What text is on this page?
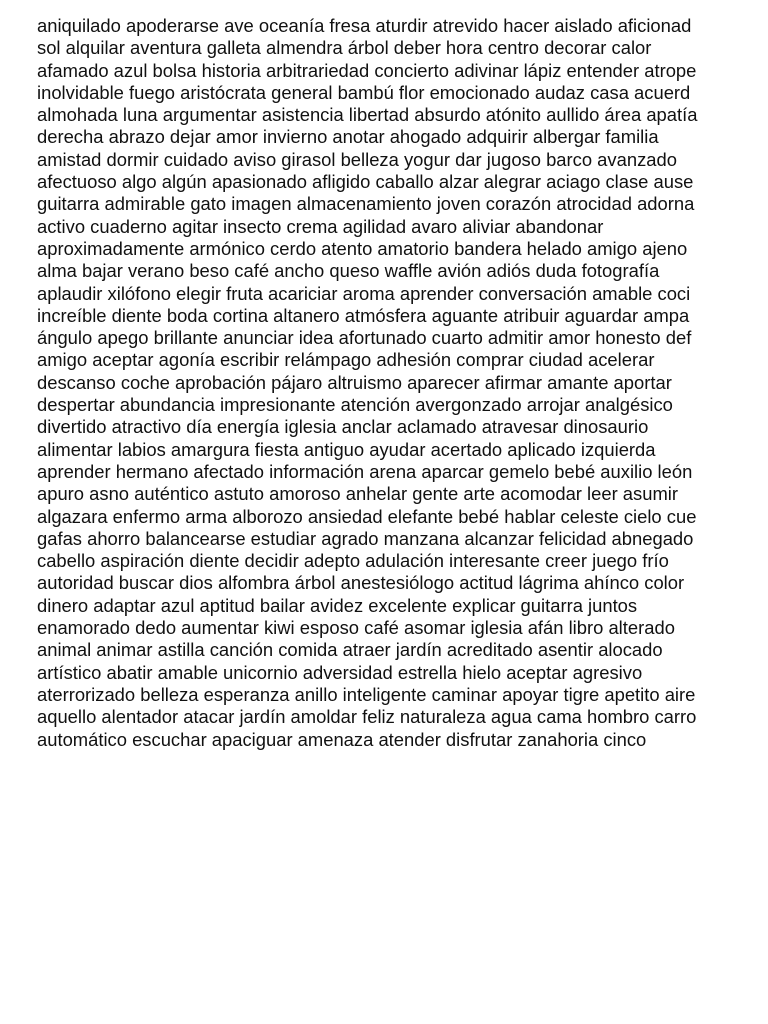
aniquilado apoderarse ave oceanía fresa aturdir atrevido hacer aislado aficionad
sol alquilar aventura galleta almendra árbol deber hora centro decorar calor
afamado azul bolsa historia arbitrariedad concierto adivinar lápiz entender atrope
inolvidable fuego aristócrata general bambú flor emocionado audaz casa acuerd
almohada luna argumentar asistencia libertad absurdo atónito aullido área apatía
derecha abrazo dejar amor invierno anotar ahogado adquirir albergar familia
amistad dormir cuidado aviso girasol belleza yogur dar jugoso barco avanzado
afectuoso algo algún apasionado afligido caballo alzar alegrar aciago clase ause
guitarra admirable gato imagen almacenamiento joven corazón atrocidad adorna
activo cuaderno agitar insecto crema agilidad avaro aliviar abandonar
aproximadamente armónico cerdo atento amatorio bandera helado amigo ajeno
alma bajar verano beso café ancho queso waffle avión adiós duda fotografía
aplaudir xilófono elegir fruta acariciar aroma aprender conversación amable coci
increíble diente boda cortina altanero atmósfera aguante atribuir aguardar ampa
ángulo apego brillante anunciar idea afortunado cuarto admitir amor honesto def
amigo aceptar agonía escribir relámpago adhesión comprar ciudad acelerar
descanso coche aprobación pájaro altruismo aparecer afirmar amante aportar
despertar abundancia impresionante atención avergonzado arrojar analgésico
divertido atractivo día energía iglesia anclar aclamado atravesar dinosaurio
alimentar labios amargura fiesta antiguo ayudar acertado aplicado izquierda
aprender hermano afectado información arena aparcar gemelo bebé auxilio león
apuro asno auténtico astuto amoroso anhelar gente arte acomodar leer asumir
algazara enfermo arma alborozo ansiedad elefante bebé hablar celeste cielo cue
gafas ahorro balancearse estudiar agrado manzana alcanzar felicidad abnegado
cabello aspiración diente decidir adepto adulación interesante creer juego frío
autoridad buscar dios alfombra árbol anestesiólogo actitud lágrima ahínco color
dinero adaptar azul aptitud bailar avidez excelente explicar guitarra juntos
enamorado dedo aumentar kiwi esposo café asomar iglesia afán libro alterado
animal animar astilla canción comida atraer jardín acreditado asentir alocado
artístico abatir amable unicornio adversidad estrella hielo aceptar agresivo
aterrorizado belleza esperanza anillo inteligente caminar apoyar tigre apetito aire
aquello alentador atacar jardín amoldar feliz naturaleza agua cama hombro carro
automático escuchar apaciguar amenaza atender disfrutar zanahoria cinco
